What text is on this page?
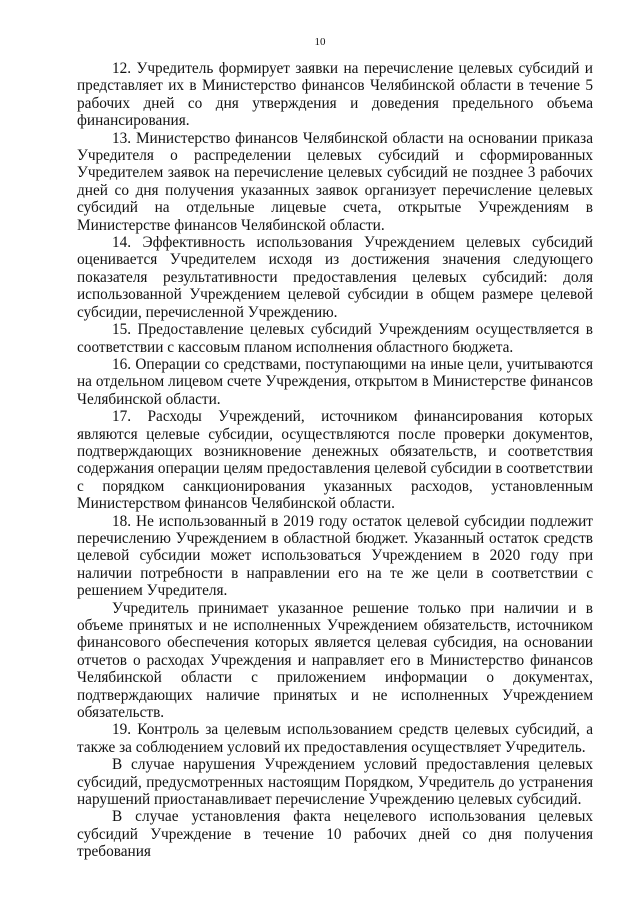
10

12. Учредитель формирует заявки на перечисление целевых субсидий и представляет их в Министерство финансов Челябинской области в течение 5 рабочих дней со дня утверждения и доведения предельного объема финансирования.

13. Министерство финансов Челябинской области на основании приказа Учредителя о распределении целевых субсидий и сформированных Учредителем заявок на перечисление целевых субсидий не позднее 3 рабочих дней со дня получения указанных заявок организует перечисление целевых субсидий на отдельные лицевые счета, открытые Учреждениям в Министерстве финансов Челябинской области.

14. Эффективность использования Учреждением целевых субсидий оценивается Учредителем исходя из достижения значения следующего показателя результативности предоставления целевых субсидий: доля использованной Учреждением целевой субсидии в общем размере целевой субсидии, перечисленной Учреждению.

15. Предоставление целевых субсидий Учреждениям осуществляется в соответствии с кассовым планом исполнения областного бюджета.

16. Операции со средствами, поступающими на иные цели, учитываются на отдельном лицевом счете Учреждения, открытом в Министерстве финансов Челябинской области.

17. Расходы Учреждений, источником финансирования которых являются целевые субсидии, осуществляются после проверки документов, подтверждающих возникновение денежных обязательств, и соответствия содержания операции целям предоставления целевой субсидии в соответствии с порядком санкционирования указанных расходов, установленным Министерством финансов Челябинской области.

18. Не использованный в 2019 году остаток целевой субсидии подлежит перечислению Учреждением в областной бюджет. Указанный остаток средств целевой субсидии может использоваться Учреждением в 2020 году при наличии потребности в направлении его на те же цели в соответствии с решением Учредителя.

Учредитель принимает указанное решение только при наличии и в объеме принятых и не исполненных Учреждением обязательств, источником финансового обеспечения которых является целевая субсидия, на основании отчетов о расходах Учреждения и направляет его в Министерство финансов Челябинской области с приложением информации о документах, подтверждающих наличие принятых и не исполненных Учреждением обязательств.

19. Контроль за целевым использованием средств целевых субсидий, а также за соблюдением условий их предоставления осуществляет Учредитель.

В случае нарушения Учреждением условий предоставления целевых субсидий, предусмотренных настоящим Порядком, Учредитель до устранения нарушений приостанавливает перечисление Учреждению целевых субсидий.

В случае установления факта нецелевого использования целевых субсидий Учреждение в течение 10 рабочих дней со дня получения требования
